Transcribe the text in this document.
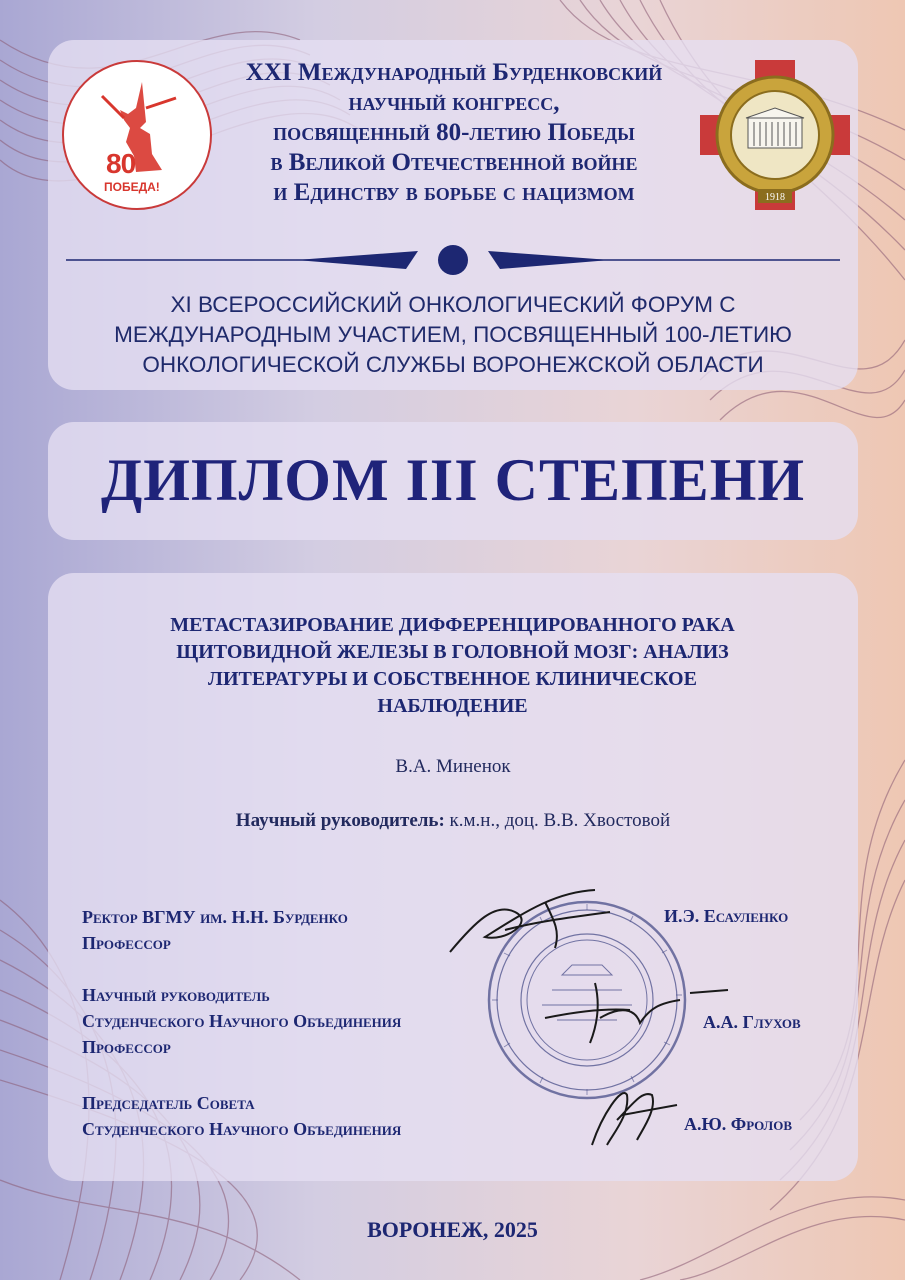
80
ПОБЕДА!
XXI Международный Бурденковский
научный конгресс,
посвященный 80-летию Победы
в Великой Отечественной войне
и Единству в борьбе с нацизмом	1918
XI ВСЕРОССИЙСКИЙ ОНКОЛОГИЧЕСКИЙ ФОРУМ С
МЕЖДУНАРОДНЫМ УЧАСТИЕМ, ПОСВЯЩЕННЫЙ 100-ЛЕТИЮ
ОНКОЛОГИЧЕСКОЙ СЛУЖБЫ ВОРОНЕЖСКОЙ ОБЛАСТИ
ДИПЛОМ III СТЕПЕНИ
МЕТАСТАЗИРОВАНИЕ ДИФФЕРЕНЦИРОВАННОГО РАКА
ЩИТОВИДНОЙ ЖЕЛЕЗЫ В ГОЛОВНОЙ МОЗГ: АНАЛИЗ
ЛИТЕРАТУРЫ И СОБСТВЕННОЕ КЛИНИЧЕСКОЕ
НАБЛЮДЕНИЕ
В.А. Миненок
Научный руководитель: к.м.н., доц. В.В. Хвостовой
Ректор ВГМУ им. Н.Н. Бурденко
Профессор
И.Э. Есауленко
Научный руководитель
Студенческого Научного Объединения
Профессор
А.А. Глухов
Председатель Совета
Студенческого Научного Объединения	А.Ю. Фролов
ВОРОНЕЖ, 2025
